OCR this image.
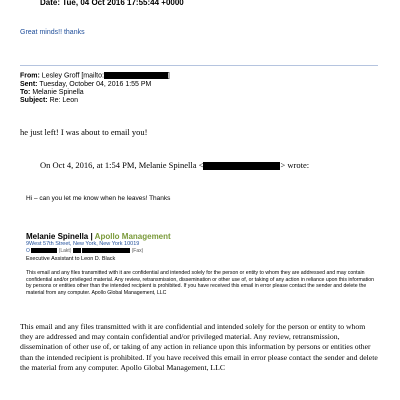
Date: Tue, 04 Oct 2016 17:55:44 +0000
Great minds!! thanks
From: Lesley Groff [mailto:	]
Sent: Tuesday, October 04, 2016 1:55 PM
To: Melanie Spinella
Subject: Re: Leon
he just left! I was about to email you!
On Oct 4, 2016, at 1:54 PM, Melanie Spinella <	> wrote:
Hi – can you let me know when he leaves! Thanks
Melanie Spinella | Apollo Management
9West 57th Street, New York, New York 10019
O	(Lakt)	(Fax)
Executive Assistant to Leon D. Black
This email and any files transmitted with it are confidential and intended solely for the person or entity to whom they are addressed and may contain confidential and/or privileged material. Any review, retransmission, dissemination or other use of, or taking of any action in reliance upon this information by persons or entities other than the intended recipient is prohibited. If you have received this email in error please contact the sender and delete the material from any computer. Apollo Global Management, LLC
This email and any files transmitted with it are confidential and intended solely for the person or entity to whom they are addressed and may contain confidential and/or privileged material. Any review, retransmission, dissemination of other use of, or taking of any action in reliance upon this information by persons or entities other than the intended recipient is prohibited. If you have received this email in error please contact the sender and delete the material from any computer. Apollo Global Management, LLC
